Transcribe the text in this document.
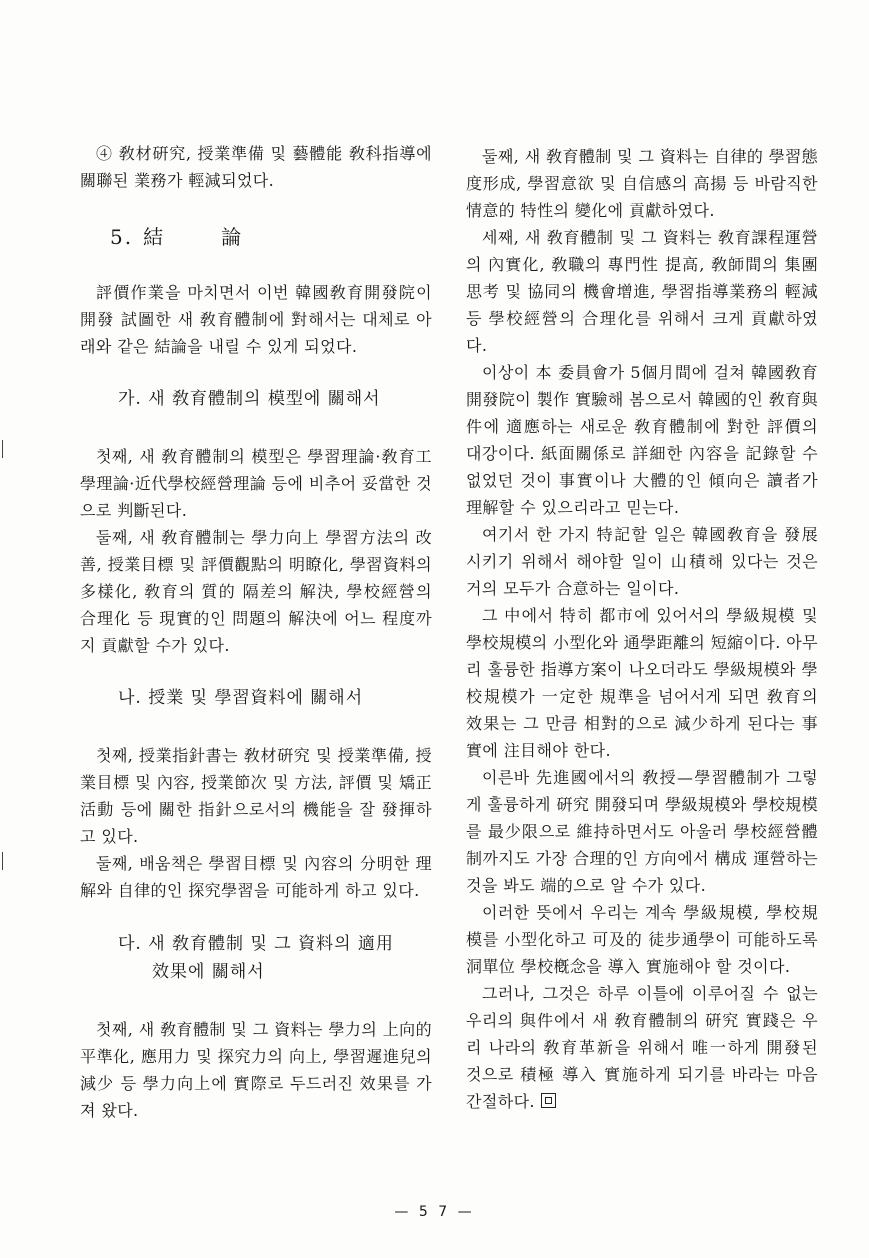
④ 敎材硏究, 授業準備 및 藝體能 敎科指導에 關聯된 業務가 輕減되었다.

5. 結	論

評價作業을 마치면서 이번 韓國敎育開發院이 開發 試圖한 새 敎育體制에 對해서는 대체로 아래와 같은 結論을 내릴 수 있게 되었다.

가. 새 敎育體制의 模型에 關해서

첫째, 새 敎育體制의 模型은 學習理論·敎育工學理論·近代學校經營理論 등에 비추어 妥當한 것으로 判斷된다.

둘째, 새 敎育體制는 學力向上 學習方法의 改善, 授業目標 및 評價觀點의 明瞭化, 學習資料의 多樣化, 敎育의 質的 隔差의 解決, 學校經營의 合理化 등 現實的인 問題의 解決에 어느 程度까지 貢獻할 수가 있다.

나. 授業 및 學習資料에 關해서

첫째, 授業指針書는 敎材硏究 및 授業準備, 授業目標 및 內容, 授業節次 및 方法, 評價 및 矯正活動 등에 關한 指針으로서의 機能을 잘 發揮하고 있다.

둘째, 배움책은 學習目標 및 內容의 分明한 理解와 自律的인 探究學習을 可能하게 하고 있다.

다. 새 敎育體制 및 그 資料의 適用
效果에 關해서

첫째, 새 敎育體制 및 그 資料는 學力의 上向的 平準化, 應用力 및 探究力의 向上, 學習遲進兒의 減少 등 學力向上에 實際로 두드러진 效果를 가져 왔다.

둘째, 새 敎育體制 및 그 資料는 自律的 學習態度形成, 學習意欲 및 自信感의 高揚 등 바람직한 情意的 特性의 變化에 貢獻하였다.

세째, 새 敎育體制 및 그 資料는 敎育課程運營의 內實化, 敎職의 專門性 提高, 敎師間의 集團思考 및 協同의 機會增進, 學習指導業務의 輕減등 學校經營의 合理化를 위해서 크게 貢獻하였다.

이상이 本 委員會가 5個月間에 걸쳐 韓國敎育開發院이 製作 實驗해 봄으로서 韓國的인 敎育與件에 適應하는 새로운 敎育體制에 對한 評價의 대강이다. 紙面關係로 詳細한 內容을 記錄할 수 없었던 것이 事實이나 大體的인 傾向은 讀者가 理解할 수 있으리라고 믿는다.

여기서 한 가지 特記할 일은 韓國敎育을 發展시키기 위해서 해야할 일이 山積해 있다는 것은 거의 모두가 合意하는 일이다.

그 中에서 特히 都市에 있어서의 學級規模 및 學校規模의 小型化와 通學距離의 短縮이다. 아무리 훌륭한 指導方案이 나오더라도 學級規模와 學校規模가 一定한 規準을 넘어서게 되면 敎育의 效果는 그 만큼 相對的으로 減少하게 된다는 事實에 注目해야 한다.

이른바 先進國에서의 敎授—學習體制가 그렇게 훌륭하게 硏究 開發되며 學級規模와 學校規模를 最少限으로 維持하면서도 아울러 學校經營體制까지도 가장 合理的인 方向에서 構成 運營하는 것을 봐도 端的으로 알 수가 있다.

이러한 뜻에서 우리는 계속 學級規模, 學校規模를 小型化하고 可及的 徒步通學이 可能하도록 洞單位 學校槪念을 導入 實施해야 할 것이다.

그러나, 그것은 하루 이틀에 이루어질 수 없는 우리의 與件에서 새 敎育體制의 硏究 實踐은 우리 나라의 敎育革新을 위해서 唯一하게 開發된 것으로 積極 導入 實施하게 되기를 바라는 마음 간절하다.

— 5 7 —
